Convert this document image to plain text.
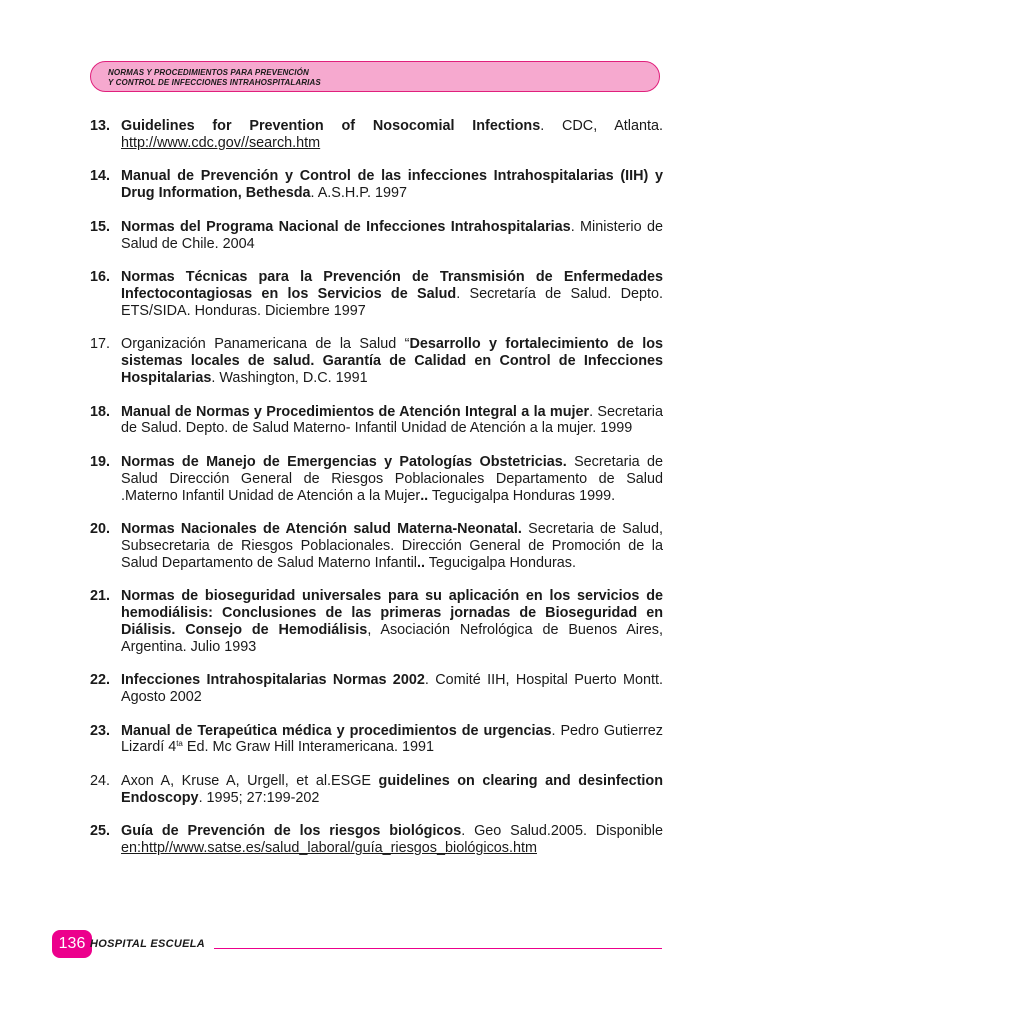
NORMAS Y PROCEDIMIENTOS PARA PREVENCIÓN
Y CONTROL DE INFECCIONES INTRAHOSPITALARIAS
13. Guidelines for Prevention of Nosocomial Infections. CDC, Atlanta. http://www.cdc.gov//search.htm
14. Manual de Prevención y Control de las infecciones Intrahospitalarias (IIH) y Drug Information, Bethesda. A.S.H.P. 1997
15. Normas del Programa Nacional de Infecciones Intrahospitalarias. Ministerio de Salud de Chile. 2004
16. Normas Técnicas para la Prevención de Transmisión de Enfermedades Infectocontagiosas en los Servicios de Salud. Secretaría de Salud. Depto. ETS/SIDA. Honduras. Diciembre 1997
17. Organización Panamericana de la Salud “Desarrollo y fortalecimiento de los sistemas locales de salud. Garantía de Calidad en Control de Infecciones Hospitalarias. Washington, D.C. 1991
18. Manual de Normas y Procedimientos de Atención Integral a la mujer. Secretaria de Salud. Depto. de Salud Materno- Infantil Unidad de Atención a la mujer. 1999
19. Normas de Manejo de Emergencias y Patologías Obstetricias. Secretaria de Salud Dirección General de Riesgos Poblacionales Departamento de Salud .Materno Infantil Unidad de Atención a la Mujer.. Tegucigalpa Honduras 1999.
20. Normas Nacionales de Atención salud Materna-Neonatal. Secretaria de Salud, Subsecretaria de Riesgos Poblacionales. Dirección General de Promoción de la Salud Departamento de Salud Materno Infantil.. Tegucigalpa Honduras.
21. Normas de bioseguridad universales para su aplicación en los servicios de hemodiálisis: Conclusiones de las primeras jornadas de Bioseguridad en Diálisis. Consejo de Hemodiálisis, Asociación Nefrológica de Buenos Aires, Argentina. Julio 1993
22. Infecciones Intrahospitalarias Normas 2002. Comité IIH, Hospital Puerto Montt. Agosto 2002
23. Manual de Terapeútica médica y procedimientos de urgencias. Pedro Gutierrez Lizardí $4^{ta}$ Ed. Mc Graw Hill Interamericana. 1991
24. Axon A, Kruse A, Urgell, et al.ESGE guidelines on clearing and desinfection Endoscopy. 1995; 27:199-202
25. Guía de Prevención de los riesgos biológicos. Geo Salud.2005. Disponible en:http//www.satse.es/salud_laboral/guía_riesgos_biológicos.htm
136 HOSPITAL ESCUELA
